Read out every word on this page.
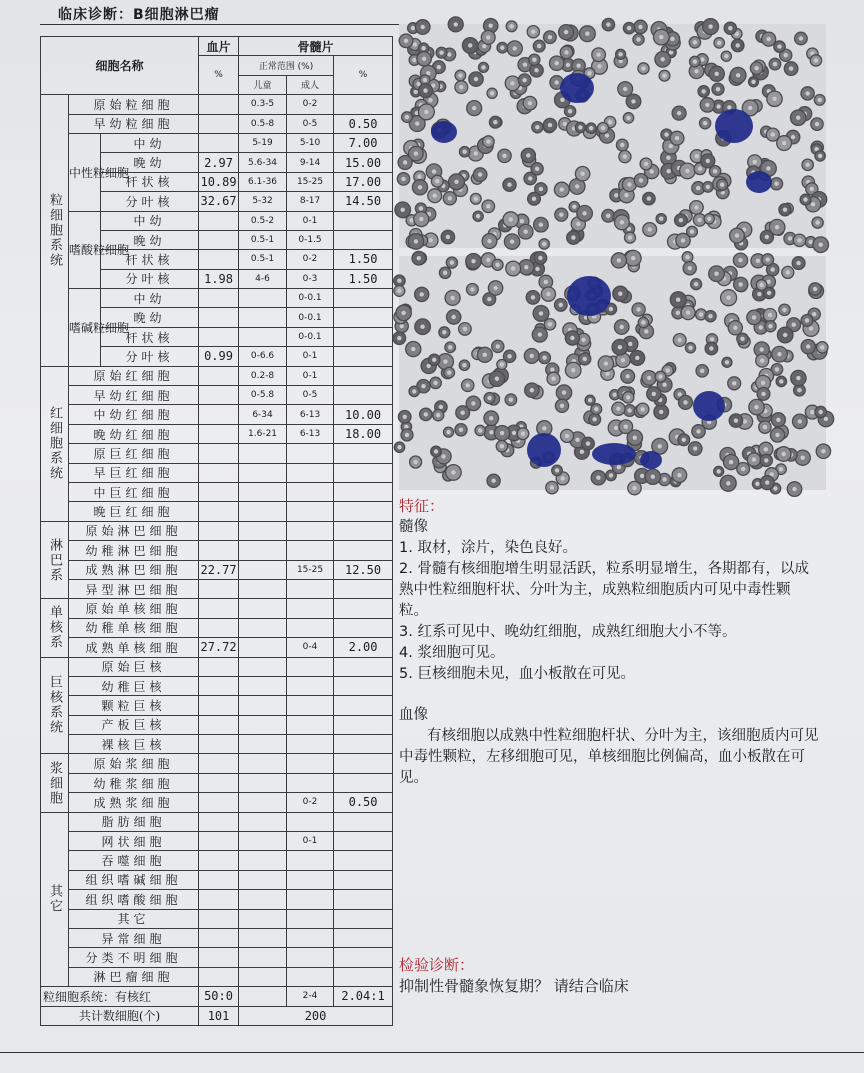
临床诊断：B细胞淋巴瘤
细胞名称			血片	骨髓片		
			%	正常范围 (%)		%
				儿童	成人	
粒细胞系统	原始粒细胞			0.3-5	0-2	
	早幼粒细胞			0.5-8	0-5	0.50
	中性粒细胞	中幼		5-19	5-10	7.00
		晚幼	2.97	5.6-34	9-14	15.00
		杆状核	10.89	6.1-36	15-25	17.00
		分叶核	32.67	5-32	8-17	14.50
	嗜酸粒细胞	中幼		0.5-2	0-1	
		晚幼		0.5-1	0-1.5	
		杆状核		0.5-1	0-2	1.50
		分叶核	1.98	4-6	0-3	1.50
	嗜碱粒细胞	中幼			0-0.1	
		晚幼			0-0.1	
		杆状核			0-0.1	
		分叶核	0.99	0-6.6	0-1	
红细胞系统	原始红细胞			0.2-8	0-1	
	早幼红细胞			0-5.8	0-5	
	中幼红细胞			6-34	6-13	10.00
	晚幼红细胞			1.6-21	6-13	18.00
	原巨红细胞					
	早巨红细胞					
	中巨红细胞					
	晚巨红细胞					
淋巴系	原始淋巴细胞					
	幼稚淋巴细胞					
	成熟淋巴细胞		22.77		15-25	12.50
	异型淋巴细胞					
单核系	原始单核细胞					
	幼稚单核细胞					
	成熟单核细胞		27.72		0-4	2.00
巨核系统	原始巨核					
	幼稚巨核					
	颗粒巨核					
	产板巨核					
	裸核巨核					
浆细胞	原始浆细胞					
	幼稚浆细胞					
	成熟浆细胞				0-2	0.50
其它	脂肪细胞					
	网状细胞				0-1	
	吞噬细胞					
	组织嗜碱细胞					
	组织嗜酸细胞					
	其它					
	异常细胞					
	分类不明细胞					
	淋巴瘤细胞					
粒细胞系统：有核红			50:0		2-4	2.04:1
共计数细胞(个)			101	200		
特征：
髓像
1. 取材，涂片，染色良好。
2. 骨髓有核细胞增生明显活跃，粒系明显增生，各期都有，以成熟中性粒细胞杆状、分叶为主，成熟粒细胞质内可见中毒性颗粒。
3. 红系可见中、晚幼红细胞，成熟红细胞大小不等。
4. 浆细胞可见。
5. 巨核细胞未见，血小板散在可见。
血像
有核细胞以成熟中性粒细胞杆状、分叶为主，该细胞质内可见中毒性颗粒，左移细胞可见，单核细胞比例偏高，血小板散在可见。
检验诊断：
抑制性骨髓象恢复期？ 请结合临床
